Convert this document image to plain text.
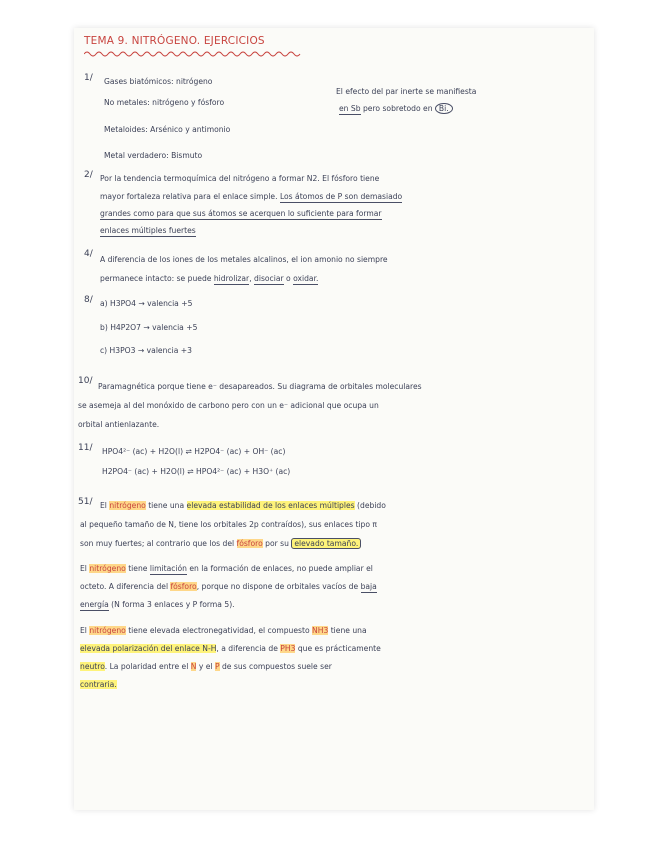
TEMA 9. NITRÓGENO. EJERCICIOS
1/ Gases biatómicos: nitrógeno
No metales: nitrógeno y fósforo
Metaloides: Arsénico y antimonio
Metal verdadero: Bismuto
El efecto del par inerte se manifiesta
en Sb pero sobretodo en Bi.
2/ Por la tendencia termoquímica del nitrógeno a formar N2. El fósforo tiene
mayor fortaleza relativa para el enlace simple. Los átomos de P son demasiado
grandes como para que sus átomos se acerquen lo suficiente para formar
enlaces múltiples fuertes
4/
A diferencia de los iones de los metales alcalinos, el ion amonio no siempre
permanece intacto: se puede hidrolizar, disociar o oxidar.
8/ a) H3PO4 → valencia +5
b) H4P2O7 → valencia +5
c) H3PO3 → valencia +3
10/
Paramagnética porque tiene e⁻ desapareados. Su diagrama de orbitales moleculares
se asemeja al del monóxido de carbono pero con un e⁻ adicional que ocupa un
orbital antienlazante.
11/ HPO4²⁻ (ac) + H2O(l) ⇌ H2PO4⁻ (ac) + OH⁻ (ac)
H2PO4⁻ (ac) + H2O(l) ⇌ HPO4²⁻ (ac) + H3O⁺ (ac)
51/ El nitrógeno tiene una elevada estabilidad de los enlaces múltiples (debido
al pequeño tamaño de N, tiene los orbitales 2p contraídos), sus enlaces tipo π
son muy fuertes; al contrario que los del fósforo por su elevado tamaño.
El nitrógeno tiene limitación en la formación de enlaces, no puede ampliar el
octeto. A diferencia del fósforo, porque no dispone de orbitales vacíos de baja
energía (N forma 3 enlaces y P forma 5).
El nitrógeno tiene elevada electronegatividad, el compuesto NH3 tiene una
elevada polarización del enlace N-H, a diferencia de PH3 que es prácticamente
neutro. La polaridad entre el N y el P de sus compuestos suele ser
contraria.
